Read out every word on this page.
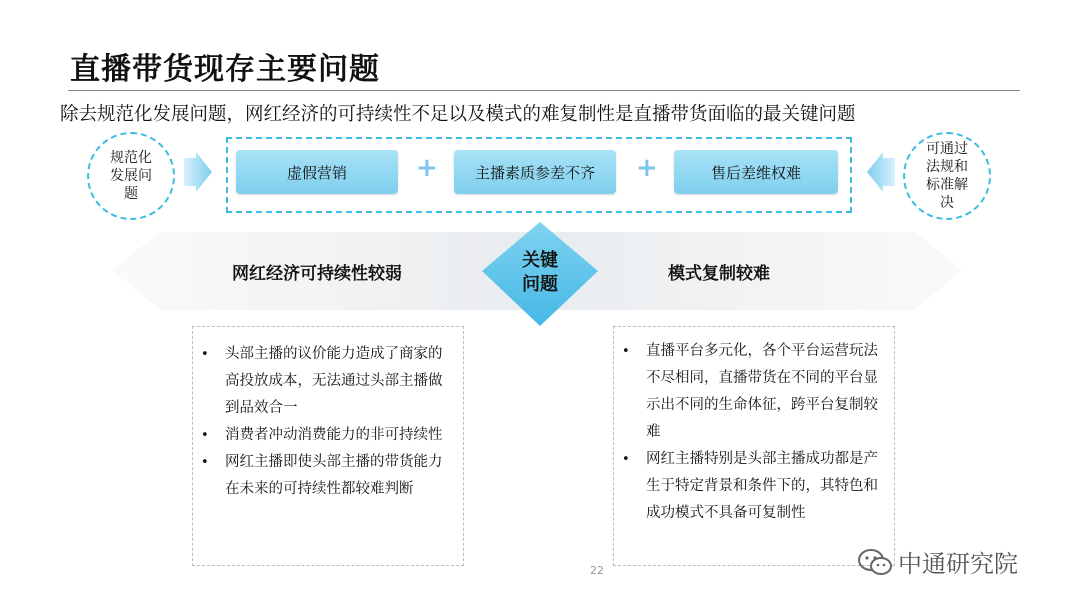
直播带货现存主要问题
除去规范化发展问题，网红经济的可持续性不足以及模式的难复制性是直播带货面临的最关键问题
规范化发展问题
虚假营销	+ 主播素质参差不齐 +	售后差维权难
可通过法规和标准解决
网红经济可持续性较弱	模式复制较难
关键
问题
• 头部主播的议价能力造成了商家的高投放成本，无法通过头部主播做到品效合一
• 消费者冲动消费能力的非可持续性
• 网红主播即使头部主播的带货能力在未来的可持续性都较难判断
• 直播平台多元化，各个平台运营玩法不尽相同，直播带货在不同的平台显示出不同的生命体征，跨平台复制较难
• 网红主播特别是头部主播成功都是产生于特定背景和条件下的，其特色和成功模式不具备可复制性
22	中通研究院
